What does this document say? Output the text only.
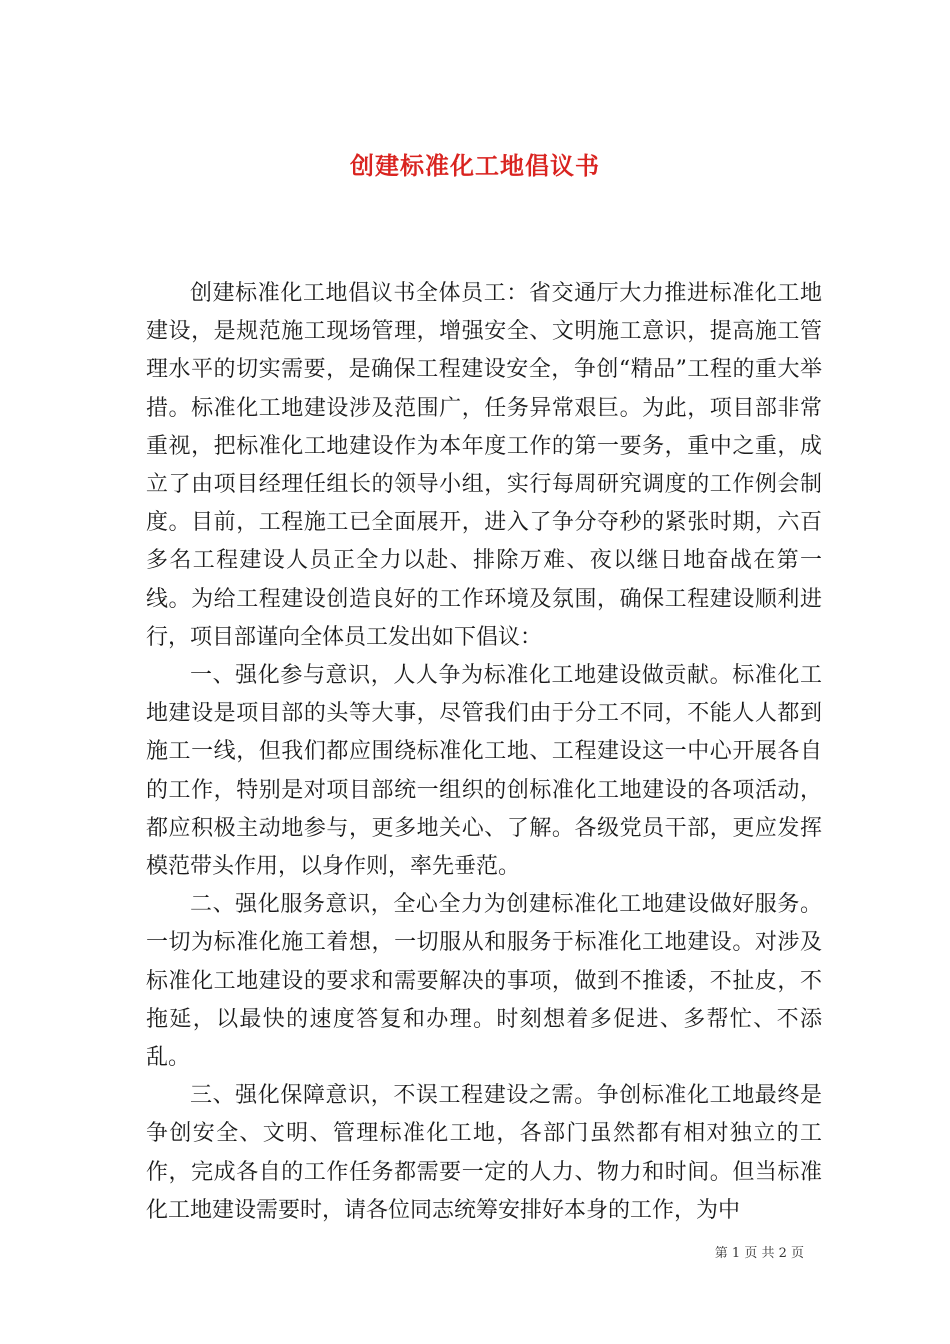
创建标准化工地倡议书

创建标准化工地倡议书全体员工：省交通厅大力推进标准化工地建设，是规范施工现场管理，增强安全、文明施工意识，提高施工管理水平的切实需要，是确保工程建设安全，争创“精品”工程的重大举措。标准化工地建设涉及范围广，任务异常艰巨。为此，项目部非常重视，把标准化工地建设作为本年度工作的第一要务，重中之重，成立了由项目经理任组长的领导小组，实行每周研究调度的工作例会制度。目前，工程施工已全面展开，进入了争分夺秒的紧张时期，六百多名工程建设人员正全力以赴、排除万难、夜以继日地奋战在第一线。为给工程建设创造良好的工作环境及氛围，确保工程建设顺利进行，项目部谨向全体员工发出如下倡议：

一、强化参与意识，人人争为标准化工地建设做贡献。标准化工地建设是项目部的头等大事，尽管我们由于分工不同，不能人人都到施工一线，但我们都应围绕标准化工地、工程建设这一中心开展各自的工作，特别是对项目部统一组织的创标准化工地建设的各项活动，都应积极主动地参与，更多地关心、了解。各级党员干部，更应发挥模范带头作用，以身作则，率先垂范。

二、强化服务意识，全心全力为创建标准化工地建设做好服务。一切为标准化施工着想，一切服从和服务于标准化工地建设。对涉及标准化工地建设的要求和需要解决的事项，做到不推诿，不扯皮，不拖延，以最快的速度答复和办理。时刻想着多促进、多帮忙、不添乱。

三、强化保障意识，不误工程建设之需。争创标准化工地最终是争创安全、文明、管理标准化工地，各部门虽然都有相对独立的工作，完成各自的工作任务都需要一定的人力、物力和时间。但当标准化工地建设需要时，请各位同志统筹安排好本身的工作，为中

第 1 页 共 2 页
